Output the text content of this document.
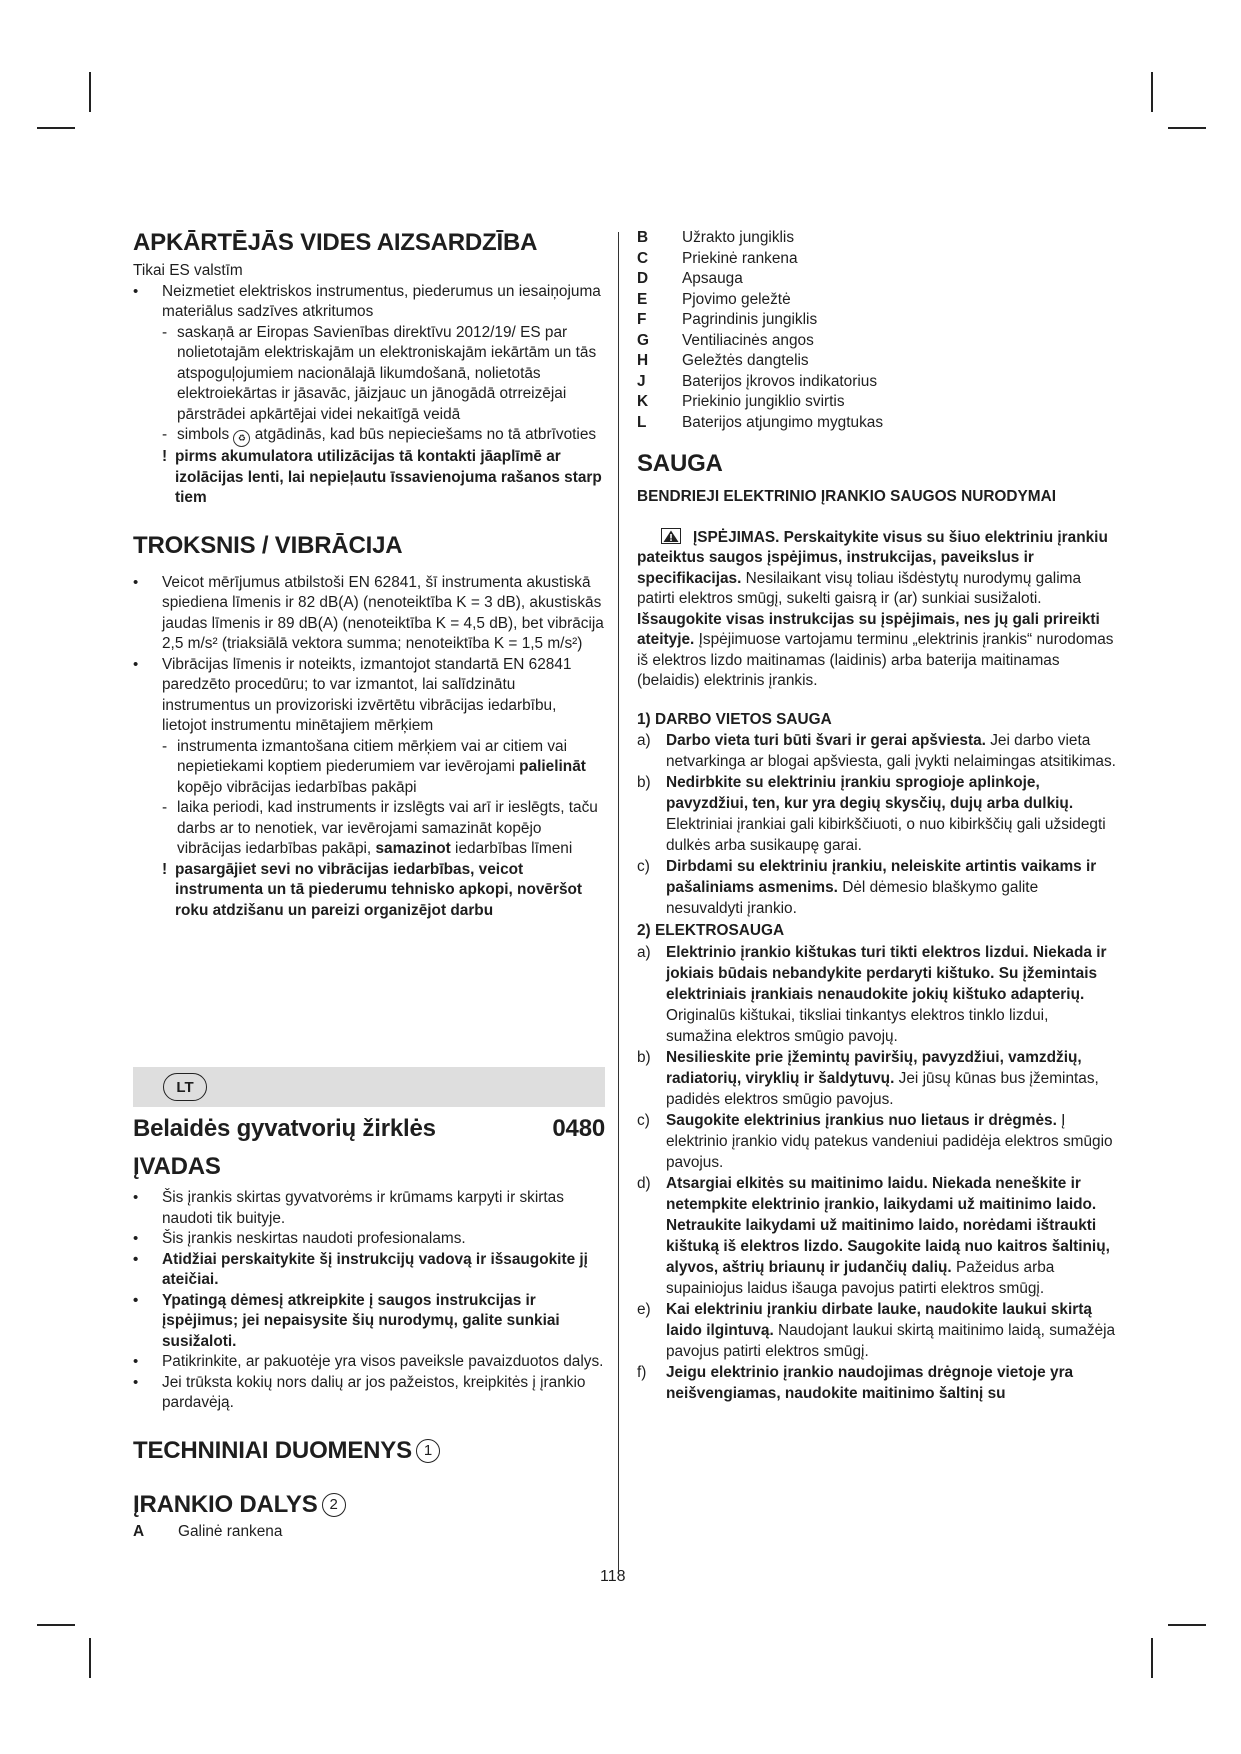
APKĀRTĒJĀS VIDES AIZSARDZĪBA

Tikai ES valstīm

• Neizmetiet elektriskos instrumentus, piederumus un iesaiņojuma materiālus sadzīves atkritumos
- saskaņā ar Eiropas Savienības direktīvu 2012/19/ ES par nolietotajām elektriskajām un elektroniskajām iekārtām un tās atspoguļojumiem nacionālajā likumdošanā, nolietotās elektroiekārtas ir jāsavāc, jāizjauc un jānogādā otrreizējai pārstrādei apkārtējai videi nekaitīgā veidā
- simbols ♻ atgādinās, kad būs nepieciešams no tā atbrīvoties
! pirms akumulatora utilizācijas tā kontakti jāaplīmē ar izolācijas lenti, lai nepieļautu īssavienojuma rašanos starp tiem
TROKSNIS / VIBRĀCIJA
• Veicot mērījumus atbilstoši EN 62841, šī instrumenta akustiskā spiediena līmenis ir 82 dB(A) (nenoteiktība K = 3 dB), akustiskās jaudas līmenis ir 89 dB(A) (nenoteiktība K = 4,5 dB), bet vibrācija 2,5 m/s² (triaksiālā vektora summa; nenoteiktība K = 1,5 m/s²)
• Vibrācijas līmenis ir noteikts, izmantojot standartā EN 62841 paredzēto procedūru; to var izmantot, lai salīdzinātu instrumentus un provizoriski izvērtētu vibrācijas iedarbību, lietojot instrumentu minētajiem mērķiem
- instrumenta izmantošana citiem mērķiem vai ar citiem vai nepietiekami koptiem piederumiem var ievērojami palielināt kopējo vibrācijas iedarbības pakāpi
- laika periodi, kad instruments ir izslēgts vai arī ir ieslēgts, taču darbs ar to nenotiek, var ievērojami samazināt kopējo vibrācijas iedarbības pakāpi, samazinot iedarbības līmeni
! pasargājiet sevi no vibrācijas iedarbības, veicot instrumenta un tā piederumu tehnisko apkopi, novēršot roku atdzišanu un pareizi organizējot darbu
LT
Belaidės gyvatvorių žirklės	0480
ĮVADAS
• Šis įrankis skirtas gyvatvorėms ir krūmams karpyti ir skirtas naudoti tik buityje.
• Šis įrankis neskirtas naudoti profesionalams.
• Atidžiai perskaitykite šį instrukcijų vadovą ir išsaugokite jį ateičiai.
• Ypatingą dėmesį atkreipkite į saugos instrukcijas ir įspėjimus; jei nepaisysite šių nurodymų, galite sunkiai susižaloti.
• Patikrinkite, ar pakuotėje yra visos paveiksle pavaizduotos dalys.
• Jei trūksta kokių nors dalių ar jos pažeistos, kreipkitės į įrankio pardavėją.
TECHNINIAI DUOMENYS 1
ĮRANKIO DALYS 2
A	Galinė rankena
B	Užrakto jungiklis
C	Priekinė rankena
D	Apsauga
E	Pjovimo geležtė
F	Pagrindinis jungiklis
G	Ventiliacinės angos
H	Geležtės dangtelis
J	Baterijos įkrovos indikatorius
K	Priekinio jungiklio svirtis
L	Baterijos atjungimo mygtukas
SAUGA

BENDRIEJI ELEKTRINIO ĮRANKIO SAUGOS NURODYMAI

ĮSPĖJIMAS. Perskaitykite visus su šiuo elektriniu įrankiu pateiktus saugos įspėjimus, instrukcijas, paveikslus ir specifikacijas. Nesilaikant visų toliau išdėstytų nurodymų galima patirti elektros smūgį, sukelti gaisrą ir (ar) sunkiai susižaloti. Išsaugokite visas instrukcijas su įspėjimais, nes jų gali prireikti ateityje. Įspėjimuose vartojamu terminu „elektrinis įrankis“ nurodomas iš elektros lizdo maitinamas (laidinis) arba baterija maitinamas (belaidis) elektrinis įrankis.

1) DARBO VIETOS SAUGA

a) Darbo vieta turi būti švari ir gerai apšviesta. Jei darbo vieta netvarkinga ar blogai apšviesta, gali įvykti nelaimingas atsitikimas.
b) Nedirbkite su elektriniu įrankiu sprogioje aplinkoje, pavyzdžiui, ten, kur yra degių skysčių, dujų arba dulkių. Elektriniai įrankiai gali kibirkščiuoti, o nuo kibirkščių gali užsidegti dulkės arba susikaupę garai.
c) Dirbdami su elektriniu įrankiu, neleiskite artintis vaikams ir pašaliniams asmenims. Dėl dėmesio blaškymo galite nesuvaldyti įrankio.

2) ELEKTROSAUGA

a) Elektrinio įrankio kištukas turi tikti elektros lizdui. Niekada ir jokiais būdais nebandykite perdaryti kištuko. Su įžemintais elektriniais įrankiais nenaudokite jokių kištuko adapterių. Originalūs kištukai, tiksliai tinkantys elektros tinklo lizdui, sumažina elektros smūgio pavojų.
b) Nesilieskite prie įžemintų paviršių, pavyzdžiui, vamzdžių, radiatorių, viryklių ir šaldytuvų. Jei jūsų kūnas bus įžemintas, padidės elektros smūgio pavojus.
c) Saugokite elektrinius įrankius nuo lietaus ir drėgmės. Į elektrinio įrankio vidų patekus vandeniui padidėja elektros smūgio pavojus.
d) Atsargiai elkitės su maitinimo laidu. Niekada neneškite ir netempkite elektrinio įrankio, laikydami už maitinimo laido. Netraukite laikydami už maitinimo laido, norėdami ištraukti kištuką iš elektros lizdo. Saugokite laidą nuo kaitros šaltinių, alyvos, aštrių briaunų ir judančių dalių. Pažeidus arba supainiojus laidus išauga pavojus patirti elektros smūgį.
e) Kai elektriniu įrankiu dirbate lauke, naudokite laukui skirtą laido ilgintuvą. Naudojant laukui skirtą maitinimo laidą, sumažėja pavojus patirti elektros smūgį.
f) Jeigu elektrinio įrankio naudojimas drėgnoje vietoje yra neišvengiamas, naudokite maitinimo šaltinį su
118
